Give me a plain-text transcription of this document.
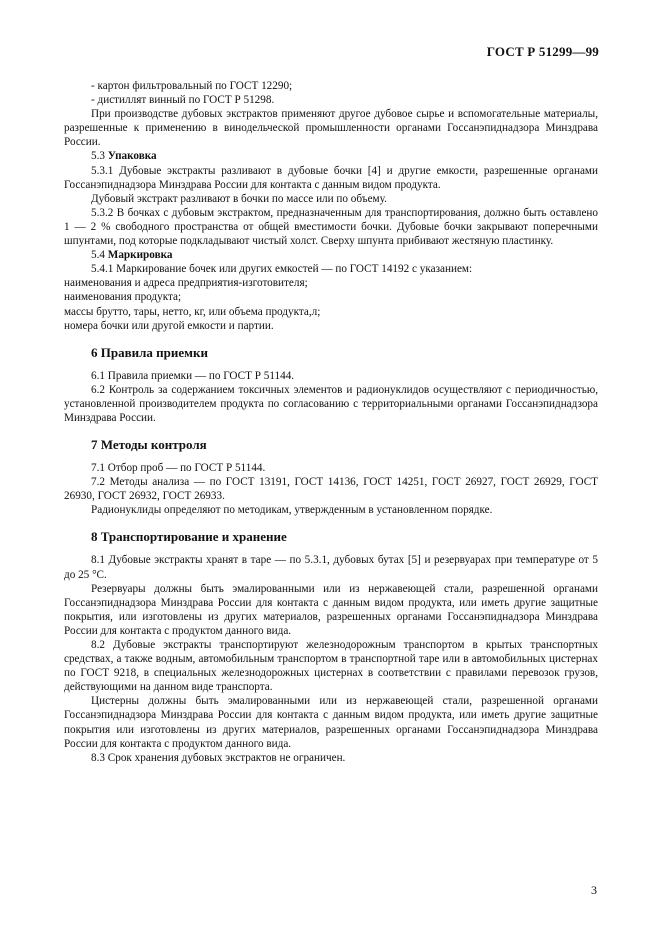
ГОСТ Р 51299—99

- картон фильтровальный по ГОСТ 12290;

- дистиллят винный по ГОСТ Р 51298.

При производстве дубовых экстрактов применяют другое дубовое сырье и вспомогательные материалы, разрешенные к применению в винодельческой промышленности органами Госсанэпиднадзора Минздрава России.

5.3 Упаковка

5.3.1 Дубовые экстракты разливают в дубовые бочки [4] и другие емкости, разрешенные органами Госсанэпиднадзора Минздрава России для контакта с данным видом продукта.

Дубовый экстракт разливают в бочки по массе или по объему.

5.3.2 В бочках с дубовым экстрактом, предназначенным для транспортирования, должно быть оставлено 1 — 2 % свободного пространства от общей вместимости бочки. Дубовые бочки закрывают поперечными шпунтами, под которые подкладывают чистый холст. Сверху шпунта прибивают жестяную пластинку.

5.4 Маркировка

5.4.1 Маркирование бочек или других емкостей — по ГОСТ 14192 с указанием:

наименования и адреса предприятия-изготовителя;

наименования продукта;

массы брутто, тары, нетто, кг, или объема продукта,л;

номера бочки или другой емкости и партии.

6 Правила приемки

6.1 Правила приемки — по ГОСТ Р 51144.

6.2 Контроль за содержанием токсичных элементов и радионуклидов осуществляют с периодичностью, установленной производителем продукта по согласованию с территориальными органами Госсанэпиднадзора Минздрава России.

7 Методы контроля

7.1 Отбор проб — по ГОСТ Р 51144.

7.2 Методы анализа — по ГОСТ 13191, ГОСТ 14136, ГОСТ 14251, ГОСТ 26927, ГОСТ 26929, ГОСТ 26930, ГОСТ 26932, ГОСТ 26933.

Радионуклиды определяют по методикам, утвержденным в установленном порядке.

8 Транспортирование и хранение

8.1 Дубовые экстракты хранят в таре — по 5.3.1, дубовых бутах [5] и резервуарах при температуре от 5 до 25 °С.

Резервуары должны быть эмалированными или из нержавеющей стали, разрешенной органами Госсанэпиднадзора Минздрава России для контакта с данным видом продукта, или иметь другие защитные покрытия, или изготовлены из других материалов, разрешенных органами Госсанэпиднадзора Минздрава России для контакта с продуктом данного вида.

8.2 Дубовые экстракты транспортируют железнодорожным транспортом в крытых транспортных средствах, а также водным, автомобильным транспортом в транспортной таре или в автомобильных цистернах по ГОСТ 9218, в специальных железнодорожных цистернах в соответствии с правилами перевозок грузов, действующими на данном виде транспорта.

Цистерны должны быть эмалированными или из нержавеющей стали, разрешенной органами Госсанэпиднадзора Минздрава России для контакта с данным видом продукта, или иметь другие защитные покрытия или изготовлены из других материалов, разрешенных органами Госсанэпиднадзора Минздрава России для контакта с продуктом данного вида.

8.3 Срок хранения дубовых экстрактов не ограничен.

3
